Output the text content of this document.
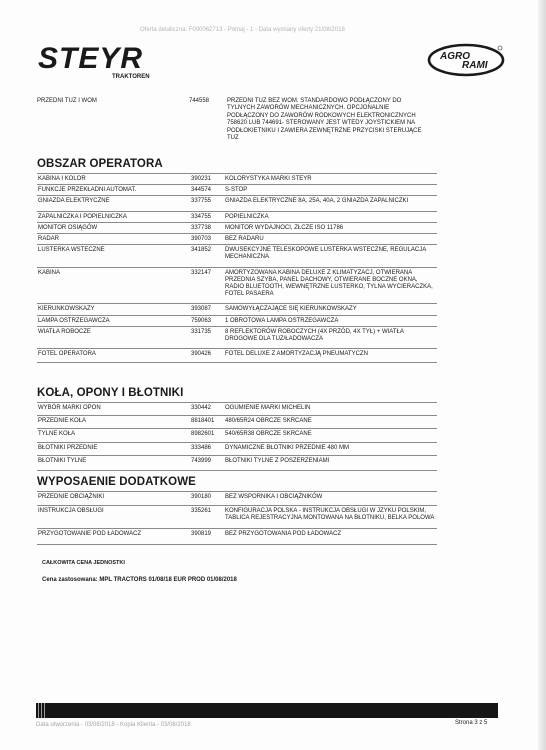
Oferta detaliczna: F000062713 - Pomaj - 1 - Data wymiany oferty 21/08/2018
STEYR
TRAKTOREN
AGRO
RAMI
PRZEDNI TUZ I WOM	744558	PRZEDNI TUZ BEZ WOM. STANDARDOWO PODŁĄCZONY DO TYLNYCH ZAWORÓW MECHANICZNYCH. OPCJONALNIE PODŁĄCZONY DO ZAWORÓW RODKOWYCH ELEKTRONICZNYCH 758620 LUB 744691- STEROWANY JEST WTEDY JOYSTICKIEM NA PODŁOKIETNIKU I ZAWIERA ZEWNĘTRZNE PRZYCISKI STERUJĄCE TUZ
OBSZAR OPERATORA
KABINA I KOLOR	390231	KOLORYSTYKA MARKI STEYR
FUNKCJE PRZEKŁADNI AUTOMAT.	344574	S-STOP
GNIAZDA ELEKTRYCZNE	337755	GNIAZDA ELEKTRYCZNE 8A, 25A, 40A, 2 GNIAZDA ZAPALNICZKI
ZAPALNICZKA I POPIELNICZKA	334755	POPIELNICZKA
MONITOR OSIĄGÓW	337738	MONITOR WYDAJNOCI, ZŁCZE ISO 11786
RADAR	390703	BEZ RADARU
LUSTERKA WSTECZNE	341852	DWUSEKCYJNE TELESKOPOWE LUSTERKA WSTECZNE, REGULACJA MECHANICZNA
KABINA	332147	AMORTYZOWANA KABINA DELUXE Z KLIMATYZACJ, OTWIERANA PRZEDNIA SZYBA, PANEL DACHOWY, OTWIERANE BOCZNE OKNA, RADIO BLUETOOTH, WEWNĘTRZNE LUSTERKO, TYLNA WYCIERACZKA, FOTEL PASAERA
KIERUNKOWSKAZY	393087	SAMOWYŁĄCZAJĄCE SIĘ KIERUNKOWSKAZY
LAMPA OSTRZEGAWCZA	759063	1 OBROTOWA LAMPA OSTRZEGAWCZA
WIATŁA ROBOCZE	331735	8 REFLEKTORÓW ROBOCZYCH (4X PRZÓD, 4X TYŁ) + WIATŁA DROGOWE DLA TUZ/ŁADOWACZA
FOTEL OPERATORA	390426	FOTEL DELUXE Z AMORTYZACJĄ PNEUMATYCZN
KOŁA, OPONY I BŁOTNIKI
WYBÓR MARKI OPON	330442	OGUMIENIE MARKI MICHELIN
PRZEDNIE KOŁA	8818401	480/65R24 OBRCZE SKRCANE
TYLNE KOŁA	8982601	540/65R38 OBRCZE SKRCANE
BŁOTNIKI PRZEDNIE	333486	DYNAMICZNE BŁOTNIKI PRZEDNIE 480 MM
BŁOTNIKI TYLNE	743999	BŁOTNIKI TYLNE Z POSZERZENIAMI
WYPOSAENIE DODATKOWE
PRZEDNIE OBCIĄŻNIKI	390180	BEZ WSPORNIKA I OBCIĄŻNIKÓW
INSTRUKCJA OBSŁUGI	335261	KONFIGURACJA POLSKA - INSTRUKCJA OBSŁUGI W JZYKU POLSKIM, TABLICA REJESTRACYJNA MONTOWANA NA BŁOTNIKU, BELKA POLOWA
PRZYGOTOWANIE POD ŁADOWACZ	390819	BEZ PRZYGOTOWANIA POD ŁADOWACZ
CAŁKOWITA CENA JEDNOSTKI
Cena zastosowana: MPL TRACTORS 01/08/18 EUR PROD 01/08/2018
Data utworzenia - 03/08/2018 - Kopia Klienta - 03/08/2018	Strona 3 z 5
